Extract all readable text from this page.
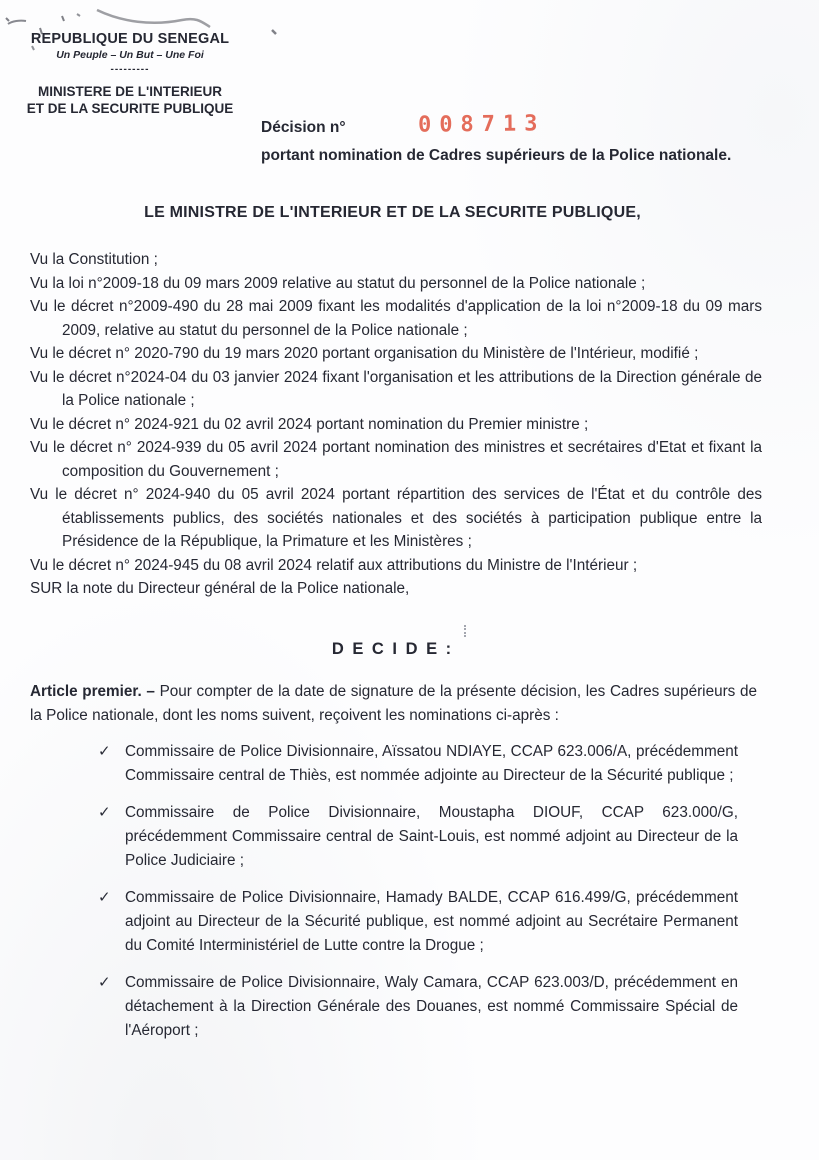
REPUBLIQUE DU SENEGAL
Un Peuple – Un But – Une Foi
---------
MINISTERE DE L'INTERIEUR
ET DE LA SECURITE PUBLIQUE
Décision n°	008713

portant nomination de Cadres supérieurs de la Police nationale.

LE MINISTRE DE L'INTERIEUR ET DE LA SECURITE PUBLIQUE,

Vu la Constitution ;

Vu la loi n°2009-18 du 09 mars 2009 relative au statut du personnel de la Police nationale ;

Vu le décret n°2009-490 du 28 mai 2009 fixant les modalités d'application de la loi n°2009-18 du 09 mars 2009, relative au statut du personnel de la Police nationale ;

Vu le décret n° 2020-790 du 19 mars 2020 portant organisation du Ministère de l'Intérieur, modifié ;

Vu le décret n°2024-04 du 03 janvier 2024 fixant l'organisation et les attributions de la Direction générale de la Police nationale ;

Vu le décret n° 2024-921 du 02 avril 2024 portant nomination du Premier ministre ;

Vu le décret n° 2024-939 du 05 avril 2024 portant nomination des ministres et secrétaires d'Etat et fixant la composition du Gouvernement ;

Vu le décret n° 2024-940 du 05 avril 2024 portant répartition des services de l'État et du contrôle des établissements publics, des sociétés nationales et des sociétés à participation publique entre la Présidence de la République, la Primature et les Ministères ;

Vu le décret n° 2024-945 du 08 avril 2024 relatif aux attributions du Ministre de l'Intérieur ;

SUR la note du Directeur général de la Police nationale,

D E C I D E :

Article premier. – Pour compter de la date de signature de la présente décision, les Cadres supérieurs de la Police nationale, dont les noms suivent, reçoivent les nominations ci-après :

✓ Commissaire de Police Divisionnaire, Aïssatou NDIAYE, CCAP 623.006/A, précédemment Commissaire central de Thiès, est nommée adjointe au Directeur de la Sécurité publique ;

✓ Commissaire de Police Divisionnaire, Moustapha DIOUF, CCAP 623.000/G, précédemment Commissaire central de Saint-Louis, est nommé adjoint au Directeur de la Police Judiciaire ;

✓ Commissaire de Police Divisionnaire, Hamady BALDE, CCAP 616.499/G, précédemment adjoint au Directeur de la Sécurité publique, est nommé adjoint au Secrétaire Permanent du Comité Interministériel de Lutte contre la Drogue ;

✓ Commissaire de Police Divisionnaire, Waly Camara, CCAP 623.003/D, précédemment en détachement à la Direction Générale des Douanes, est nommé Commissaire Spécial de l'Aéroport ;
